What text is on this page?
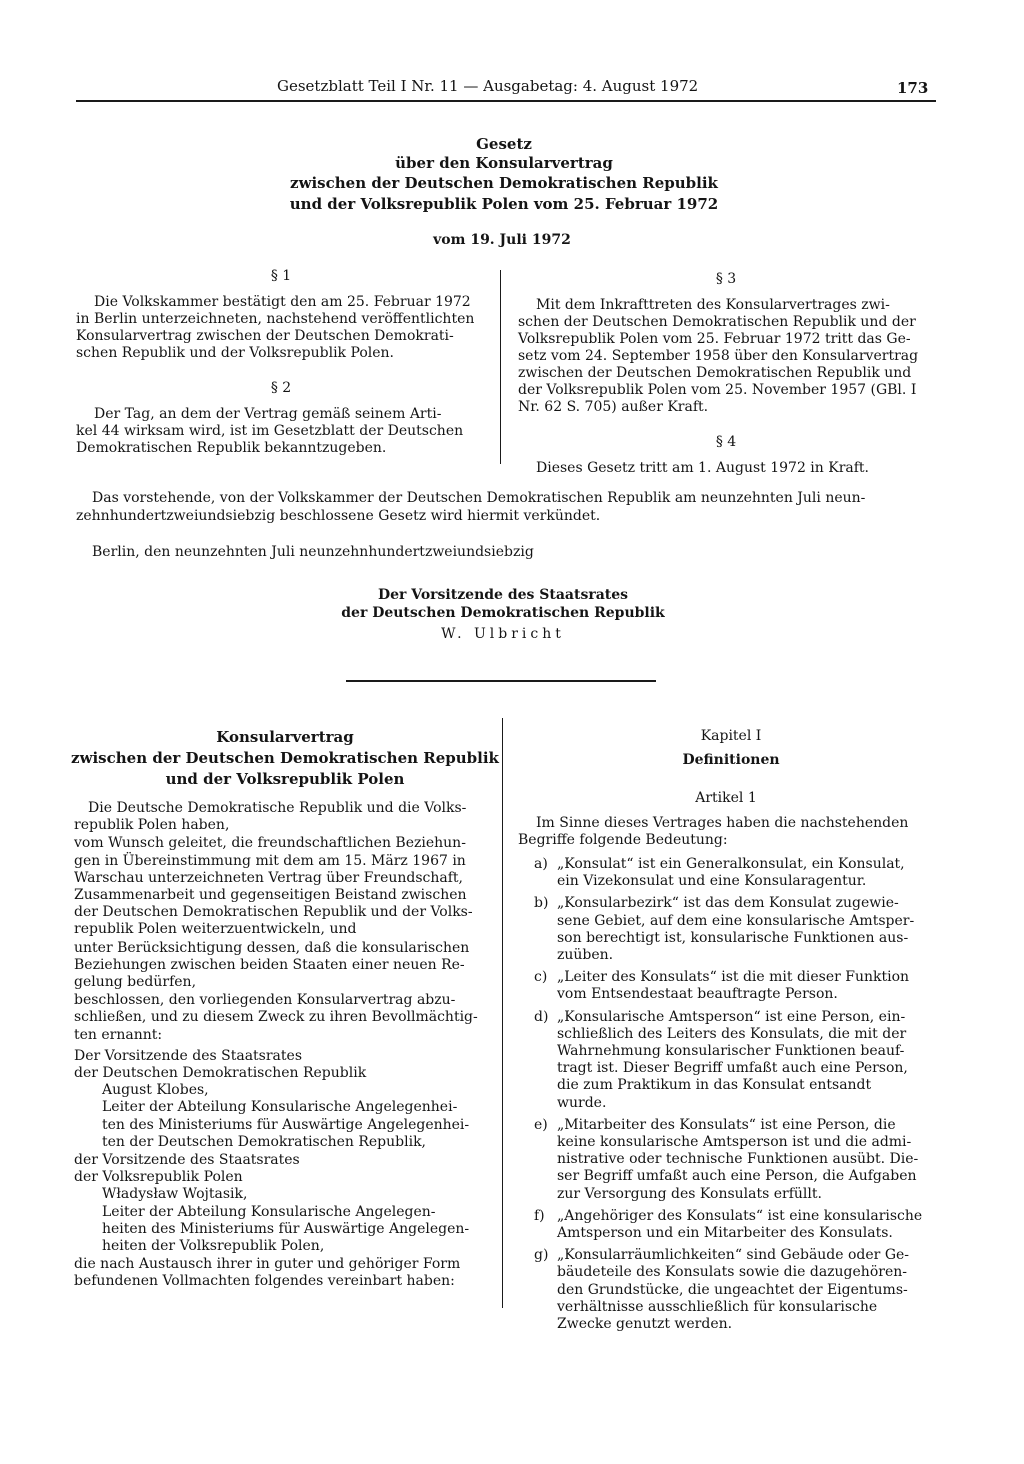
Gesetzblatt Teil I Nr. 11 — Ausgabetag: 4. August 1972	173
Gesetz
über den Konsularvertrag
zwischen der Deutschen Demokratischen Republik
und der Volksrepublik Polen vom 25. Februar 1972
vom 19. Juli 1972
§ 1
Die Volkskammer bestätigt den am 25. Februar 1972
in Berlin unterzeichneten, nachstehend veröffentlichten
Konsularvertrag zwischen der Deutschen Demokrati-
schen Republik und der Volksrepublik Polen.
§ 2
Der Tag, an dem der Vertrag gemäß seinem Arti-
kel 44 wirksam wird, ist im Gesetzblatt der Deutschen
Demokratischen Republik bekanntzugeben.
§ 3
Mit dem Inkrafttreten des Konsularvertrages zwi-
schen der Deutschen Demokratischen Republik und der
Volksrepublik Polen vom 25. Februar 1972 tritt das Ge-
setz vom 24. September 1958 über den Konsularvertrag
zwischen der Deutschen Demokratischen Republik und
der Volksrepublik Polen vom 25. November 1957 (GBl. I
Nr. 62 S. 705) außer Kraft.
§ 4
Dieses Gesetz tritt am 1. August 1972 in Kraft.
Das vorstehende, von der Volkskammer der Deutschen Demokratischen Republik am neunzehnten Juli neun-
zehnhundertzweiundsiebzig beschlossene Gesetz wird hiermit verkündet.
Berlin, den neunzehnten Juli neunzehnhundertzweiundsiebzig
Der Vorsitzende des Staatsrates
der Deutschen Demokratischen Republik
W. Ulbricht
Konsularvertrag
zwischen der Deutschen Demokratischen Republik
und der Volksrepublik Polen
Die Deutsche Demokratische Republik und die Volks-
republik Polen haben,
vom Wunsch geleitet, die freundschaftlichen Beziehun-
gen in Übereinstimmung mit dem am 15. März 1967 in
Warschau unterzeichneten Vertrag über Freundschaft,
Zusammenarbeit und gegenseitigen Beistand zwischen
der Deutschen Demokratischen Republik und der Volks-
republik Polen weiterzuentwickeln, und
unter Berücksichtigung dessen, daß die konsularischen
Beziehungen zwischen beiden Staaten einer neuen Re-
gelung bedürfen,
beschlossen, den vorliegenden Konsularvertrag abzu-
schließen, und zu diesem Zweck zu ihren Bevollmächtig-
ten ernannt:
Der Vorsitzende des Staatsrates
der Deutschen Demokratischen Republik
August Klobes,
Leiter der Abteilung Konsularische Angelegenhei-
ten des Ministeriums für Auswärtige Angelegenhei-
ten der Deutschen Demokratischen Republik,
der Vorsitzende des Staatsrates
der Volksrepublik Polen
Władysław Wojtasik,
Leiter der Abteilung Konsularische Angelegen-
heiten des Ministeriums für Auswärtige Angelegen-
heiten der Volksrepublik Polen,
die nach Austausch ihrer in guter und gehöriger Form
befundenen Vollmachten folgendes vereinbart haben:
Kapitel I
Definitionen
Artikel 1
Im Sinne dieses Vertrages haben die nachstehenden
Begriffe folgende Bedeutung:
a) „Konsulat“ ist ein Generalkonsulat, ein Konsulat,
ein Vizekonsulat und eine Konsularagentur.
b) „Konsularbezirk“ ist das dem Konsulat zugewie-
sene Gebiet, auf dem eine konsularische Amtsper-
son berechtigt ist, konsularische Funktionen aus-
zuüben.
c) „Leiter des Konsulats“ ist die mit dieser Funktion
vom Entsendestaat beauftragte Person.
d) „Konsularische Amtsperson“ ist eine Person, ein-
schließlich des Leiters des Konsulats, die mit der
Wahrnehmung konsularischer Funktionen beauf-
tragt ist. Dieser Begriff umfaßt auch eine Person,
die zum Praktikum in das Konsulat entsandt
wurde.
e) „Mitarbeiter des Konsulats“ ist eine Person, die
keine konsularische Amtsperson ist und die admi-
nistrative oder technische Funktionen ausübt. Die-
ser Begriff umfaßt auch eine Person, die Aufgaben
zur Versorgung des Konsulats erfüllt.
f) „Angehöriger des Konsulats“ ist eine konsularische
Amtsperson und ein Mitarbeiter des Konsulats.
g) „Konsularräumlichkeiten“ sind Gebäude oder Ge-
bäudeteile des Konsulats sowie die dazugehören-
den Grundstücke, die ungeachtet der Eigentums-
verhältnisse ausschließlich für konsularische
Zwecke genutzt werden.
